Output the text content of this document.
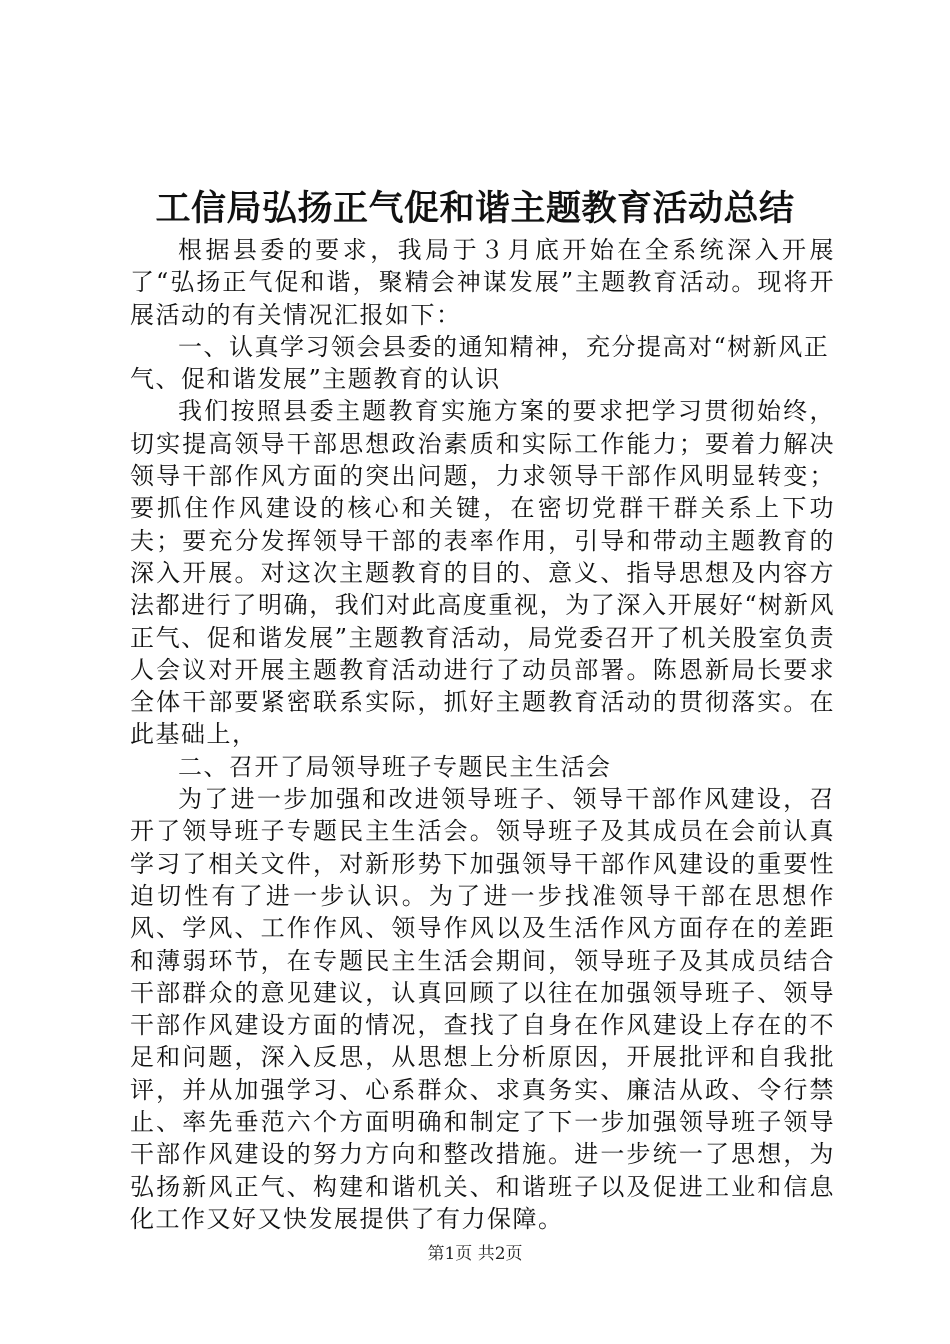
工信局弘扬正气促和谐主题教育活动总结

根据县委的要求，我局于３月底开始在全系统深入开展了“弘扬正气促和谐，聚精会神谋发展”主题教育活动。现将开展活动的有关情况汇报如下：

一、认真学习领会县委的通知精神，充分提高对“树新风正气、促和谐发展”主题教育的认识

我们按照县委主题教育实施方案的要求把学习贯彻始终，切实提高领导干部思想政治素质和实际工作能力；要着力解决领导干部作风方面的突出问题，力求领导干部作风明显转变；要抓住作风建设的核心和关键，在密切党群干群关系上下功夫；要充分发挥领导干部的表率作用，引导和带动主题教育的深入开展。对这次主题教育的目的、意义、指导思想及内容方法都进行了明确，我们对此高度重视，为了深入开展好“树新风正气、促和谐发展”主题教育活动，局党委召开了机关股室负责人会议对开展主题教育活动进行了动员部署。陈恩新局长要求全体干部要紧密联系实际，抓好主题教育活动的贯彻落实。在此基础上，

二、召开了局领导班子专题民主生活会

为了进一步加强和改进领导班子、领导干部作风建设，召开了领导班子专题民主生活会。领导班子及其成员在会前认真学习了相关文件，对新形势下加强领导干部作风建设的重要性迫切性有了进一步认识。为了进一步找准领导干部在思想作风、学风、工作作风、领导作风以及生活作风方面存在的差距和薄弱环节，在专题民主生活会期间，领导班子及其成员结合干部群众的意见建议，认真回顾了以往在加强领导班子、领导干部作风建设方面的情况，查找了自身在作风建设上存在的不足和问题，深入反思，从思想上分析原因，开展批评和自我批评，并从加强学习、心系群众、求真务实、廉洁从政、令行禁止、率先垂范六个方面明确和制定了下一步加强领导班子领导干部作风建设的努力方向和整改措施。进一步统一了思想，为弘扬新风正气、构建和谐机关、和谐班子以及促进工业和信息化工作又好又快发展提供了有力保障。

第1页 共2页
